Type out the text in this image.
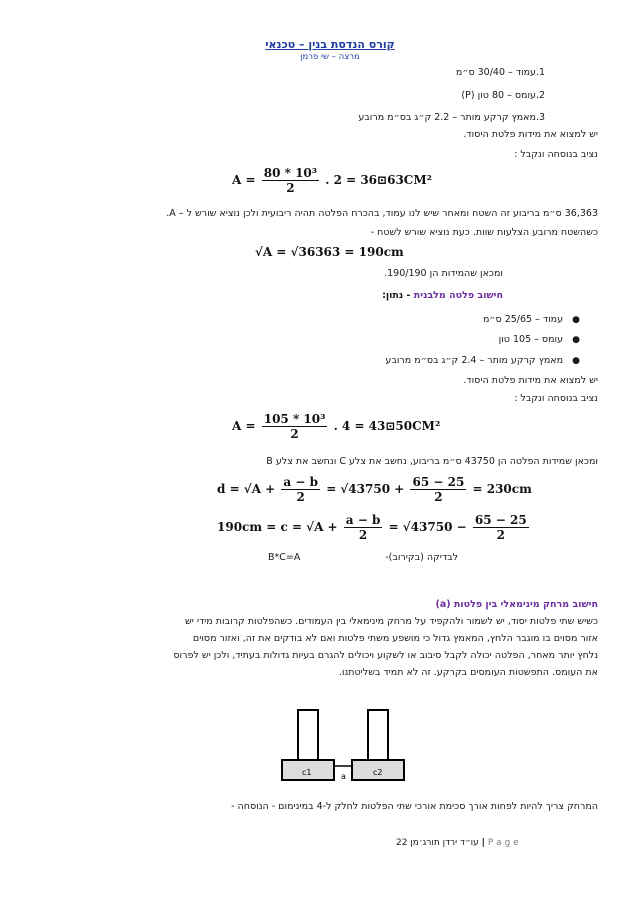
קורס הנדסת בנין – טכנאי
מרצה – שי פרמן
1.עמוד – 30/40 ס״מ
2.עומס – 80 טון (P)
3.מאמץ קרקע מותר – 2.2 ק״ג בס״מ מרובע
יש למצוא את מידות פלטת היסוד.
נציב בנוסחה ונקבל :
$A = \frac{\text{80 * 10³}}{2}$ . 2 = 36⊡63CM²
36,363 ס״מ בריבוע זה השטח ומאחר שיש לנו עמוד, בהכרח הפלטה תהיה ריבועית ולכן נוציא שורש ל – A.
כשהשטח מרובע הצלעות שוות. כעת נוציא שורש לשטח -
√A = √36363 = 190cm
ומכאן שהמידות הן 190/190.
חישוב פלטה מלבנית - נתון:
●   עמוד – 25/65 ס״מ
●   עומס – 105 טון
●   מאמץ קרקע מותר – 2.4 ק״ג בס״מ מרובע
יש למצוא את מידות פלטת היסוד.
נציב בנוסחה ונקבל :
$A = \frac{\text{105 * 10³}}{2}$ . 4 = 43⊡50CM²
ומכאן שמידות הפלטה הן 43750 ס״מ בריבוע, נחשב את צלע C ונחשב את צלע B
$d = √A + \frac{a - b}{2} = √43750 + \frac{65 - 25}{2} = 230cm$
$190cm = c = √A + \frac{a - b}{2} = √43750 - \frac{65 - 25}{2}$
לבדיקה (בקירוב)-
B*C=A
חישוב מרחק מינימאלי בין פלטות (a)
כשיש שתי פלטות יסוד, יש לשמור ולהקפיד על מרחק מינימאלי בין העמודים. כשהפלטות קרובות מידי יש
אזור מסוים בו מוגבר הלחץ, המאמץ גדול כי מושפע משתי פלטות ואם לא בודקים את זה, ואזור מסוים
נלחץ יותר מאחר, הפלטה יכולה לקבל סיבוב או לשקוע ויכולים להגרם בעיות גדולות בעתיד, ולכן יש לפרוס
את העומס. התפשטות העומסים בקרקע. זה לא תמיד בשליטתנו.
c1	a	c2
המרחק צריך להיות לפחות אורך סכימת אורכי שתי הפלטות לחלק ל-4 במינימום - הנוסחה -
עו״ד ירדן תורג׳מן 22	| P a g e
